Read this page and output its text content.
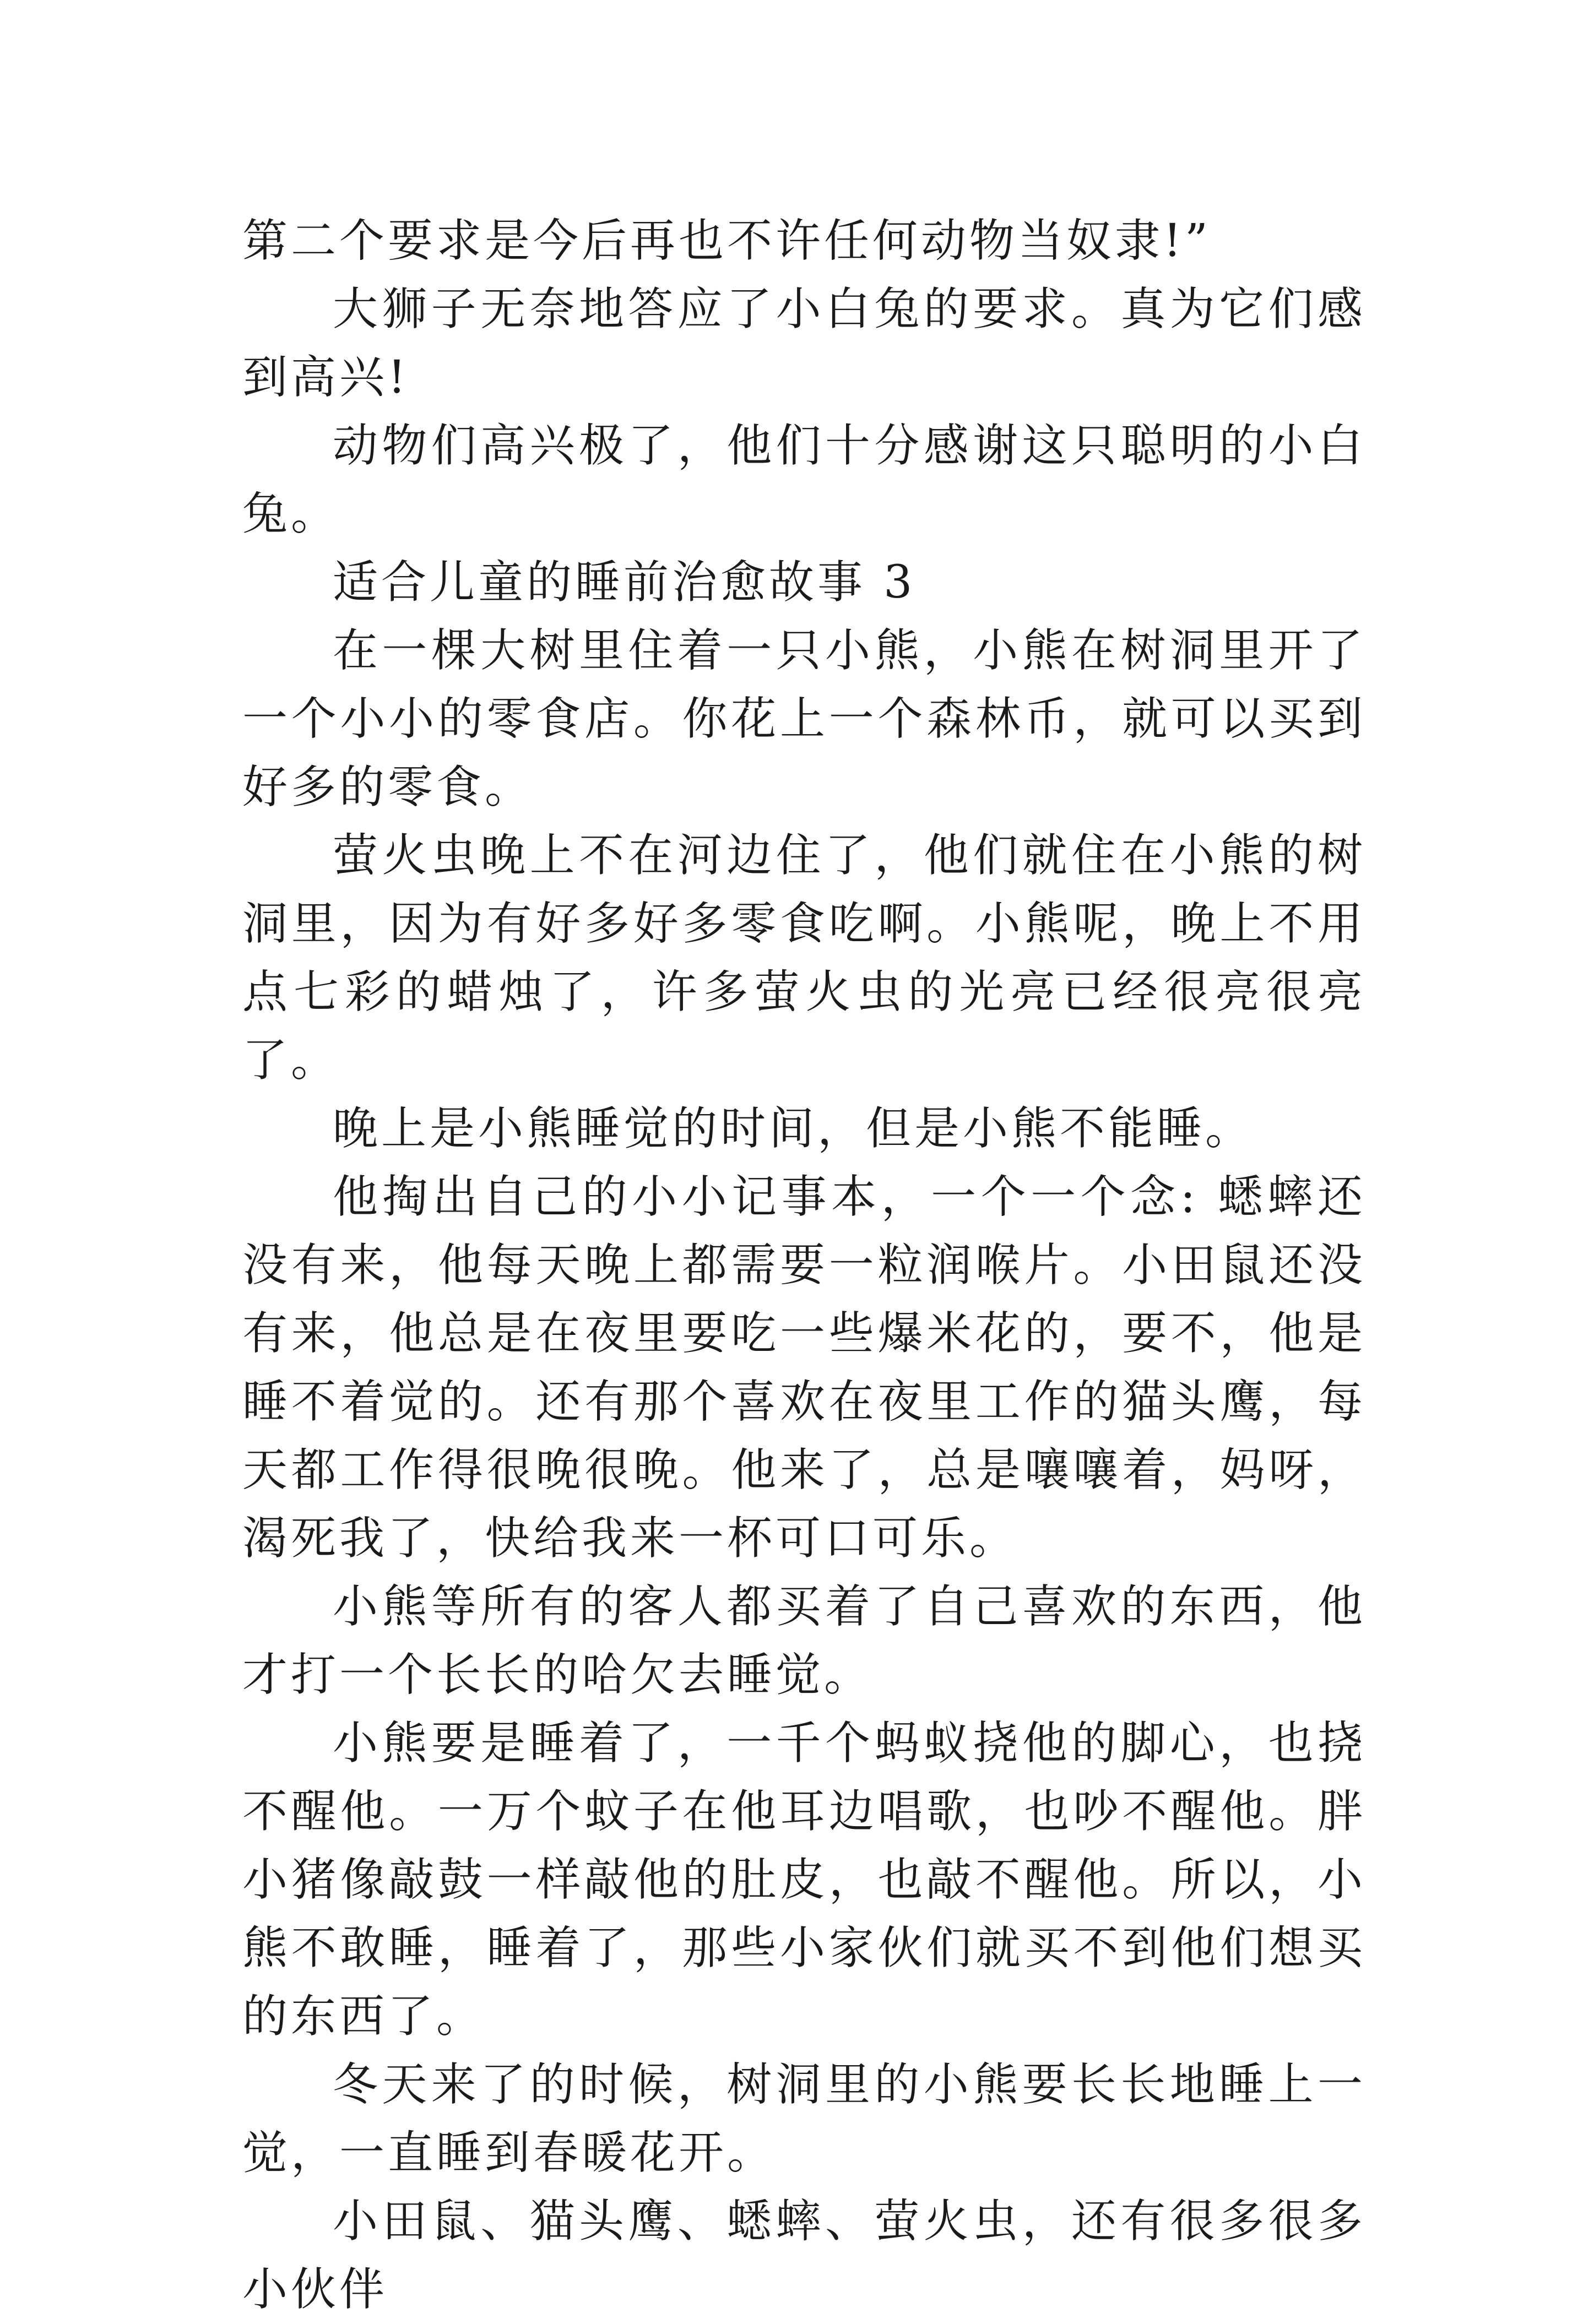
第二个要求是今后再也不许任何动物当奴隶!”

大狮子无奈地答应了小白兔的要求。真为它们感到高兴!

动物们高兴极了，他们十分感谢这只聪明的小白兔。

适合儿童的睡前治愈故事 3

在一棵大树里住着一只小熊，小熊在树洞里开了一个小小的零食店。你花上一个森林币，就可以买到好多的零食。

萤火虫晚上不在河边住了，他们就住在小熊的树洞里，因为有好多好多零食吃啊。小熊呢，晚上不用点七彩的蜡烛了，许多萤火虫的光亮已经很亮很亮了。

晚上是小熊睡觉的时间，但是小熊不能睡。

他掏出自己的小小记事本，一个一个念: 蟋蟀还没有来，他每天晚上都需要一粒润喉片。小田鼠还没有来，他总是在夜里要吃一些爆米花的，要不，他是睡不着觉的。还有那个喜欢在夜里工作的猫头鹰，每天都工作得很晚很晚。他来了，总是嚷嚷着，妈呀，渴死我了，快给我来一杯可口可乐。

小熊等所有的客人都买着了自己喜欢的东西，他才打一个长长的哈欠去睡觉。

小熊要是睡着了，一千个蚂蚁挠他的脚心，也挠不醒他。一万个蚊子在他耳边唱歌，也吵不醒他。胖小猪像敲鼓一样敲他的肚皮，也敲不醒他。所以，小熊不敢睡，睡着了，那些小家伙们就买不到他们想买的东西了。

冬天来了的时候，树洞里的小熊要长长地睡上一觉，一直睡到春暖花开。

小田鼠、猫头鹰、蟋蟀、萤火虫，还有很多很多小伙伴
